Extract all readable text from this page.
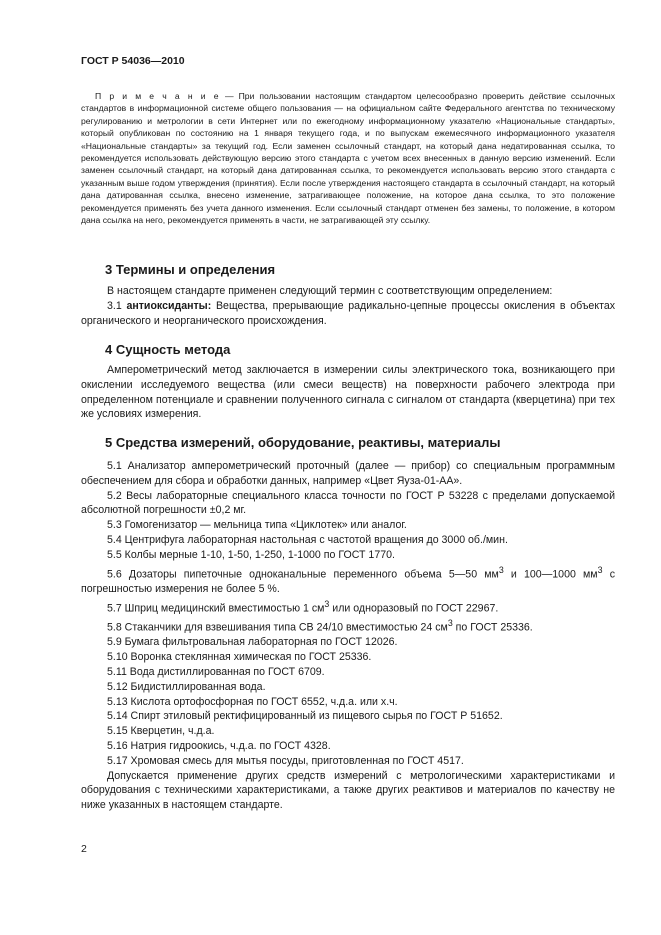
ГОСТ Р 54036—2010

П р и м е ч а н и е — При пользовании настоящим стандартом целесообразно проверить действие ссылочных стандартов в информационной системе общего пользования — на официальном сайте Федерального агентства по техническому регулированию и метрологии в сети Интернет или по ежегодному информационному указателю «Национальные стандарты», который опубликован по состоянию на 1 января текущего года, и по выпускам ежемесячного информационного указателя «Национальные стандарты» за текущий год. Если заменен ссылочный стандарт, на который дана недатированная ссылка, то рекомендуется использовать действующую версию этого стандарта с учетом всех внесенных в данную версию изменений. Если заменен ссылочный стандарт, на который дана датированная ссылка, то рекомендуется использовать версию этого стандарта с указанным выше годом утверждения (принятия). Если после утверждения настоящего стандарта в ссылочный стандарт, на который дана датированная ссылка, внесено изменение, затрагивающее положение, на которое дана ссылка, то это положение рекомендуется применять без учета данного изменения. Если ссылочный стандарт отменен без замены, то положение, в котором дана ссылка на него, рекомендуется применять в части, не затрагивающей эту ссылку.

3 Термины и определения

В настоящем стандарте применен следующий термин с соответствующим определением:

3.1 антиоксиданты: Вещества, прерывающие радикально-цепные процессы окисления в объектах органического и неорганического происхождения.

4 Сущность метода

Амперометрический метод заключается в измерении силы электрического тока, возникающего при окислении исследуемого вещества (или смеси веществ) на поверхности рабочего электрода при определенном потенциале и сравнении полученного сигнала с сигналом от стандарта (кверцетина) при тех же условиях измерения.

5 Средства измерений, оборудование, реактивы, материалы

5.1 Анализатор амперометрический проточный (далее — прибор) со специальным программным обеспечением для сбора и обработки данных, например «Цвет Яуза-01-АА».

5.2 Весы лабораторные специального класса точности по ГОСТ Р 53228 с пределами допускаемой абсолютной погрешности ±0,2 мг.

5.3 Гомогенизатор — мельница типа «Циклотек» или аналог.

5.4 Центрифуга лабораторная настольная с частотой вращения до 3000 об./мин.

5.5 Колбы мерные 1-10, 1-50, 1-250, 1-1000 по ГОСТ 1770.

5.6 Дозаторы пипеточные одноканальные переменного объема 5—50 $мм^3$ и 100—1000 $мм^3$ с погрешностью измерения не более 5 %.

5.7 Шприц медицинский вместимостью 1 $см^3$ или одноразовый по ГОСТ 22967.

5.8 Стаканчики для взвешивания типа СВ 24/10 вместимостью 24 $см^3$ по ГОСТ 25336.

5.9 Бумага фильтровальная лабораторная по ГОСТ 12026.

5.10 Воронка стеклянная химическая по ГОСТ 25336.

5.11 Вода дистиллированная по ГОСТ 6709.

5.12 Бидистиллированная вода.

5.13 Кислота ортофосфорная по ГОСТ 6552, ч.д.а. или х.ч.

5.14 Спирт этиловый ректифицированный из пищевого сырья по ГОСТ Р 51652.

5.15 Кверцетин, ч.д.а.

5.16 Натрия гидроокись, ч.д.а. по ГОСТ 4328.

5.17 Хромовая смесь для мытья посуды, приготовленная по ГОСТ 4517.

Допускается применение других средств измерений с метрологическими характеристиками и оборудования с техническими характеристиками, а также других реактивов и материалов по качеству не ниже указанных в настоящем стандарте.

2
